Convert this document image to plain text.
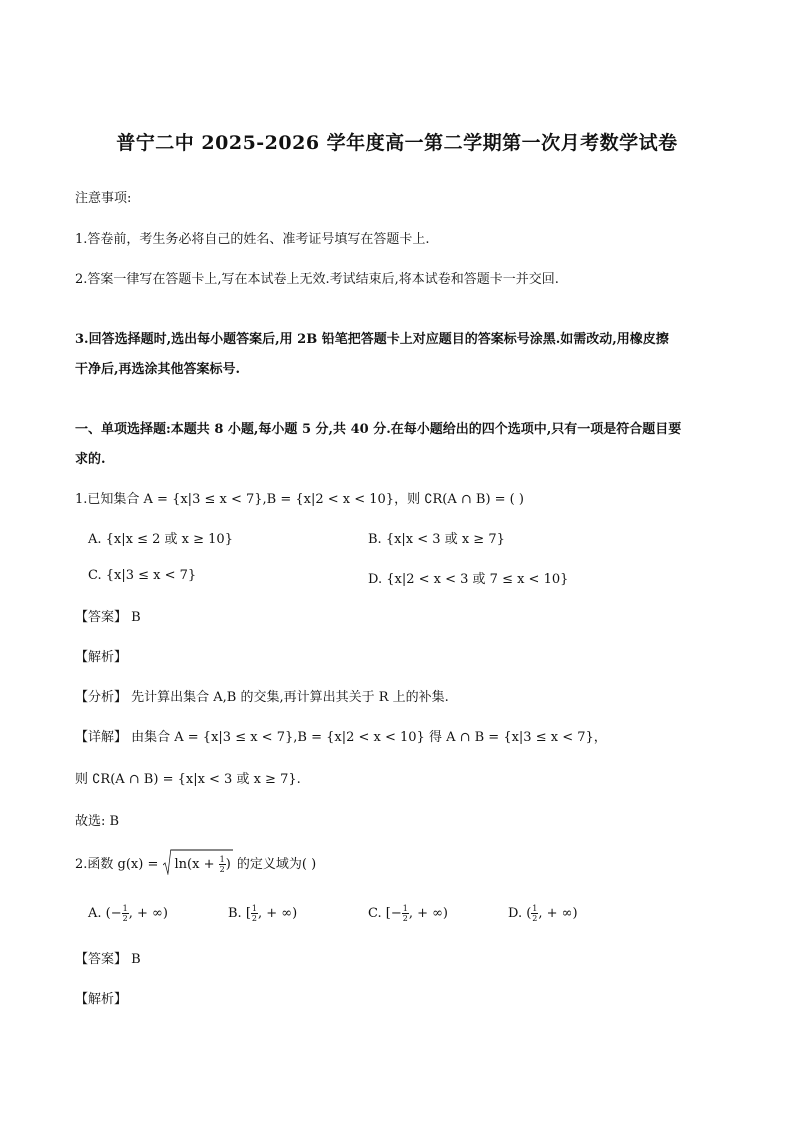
普宁二中 2025-2026 学年度高一第二学期第一次月考数学试卷
注意事项:
1.答卷前，考生务必将自己的姓名、准考证号填写在答题卡上.
2.答案一律写在答题卡上,写在本试卷上无效.考试结束后,将本试卷和答题卡一并交回.
3.回答选择题时,选出每小题答案后,用 2B 铅笔把答题卡上对应题目的答案标号涂黑.如需改动,用橡皮擦
干净后,再选涂其他答案标号.
一、单项选择题:本题共 8 小题,每小题 5 分,共 40 分.在每小题给出的四个选项中,只有一项是符合题目要
求的.
1.已知集合 A = {x|3 ≤ x < 7},B = {x|2 < x < 10}，则 ∁R(A ∩ B) = ( )
A. {x|x ≤ 2 或 x ≥ 10}	B. {x|x < 3 或 x ≥ 7}
C. {x|3 ≤ x < 7}	D. {x|2 < x < 3 或 7 ≤ x < 10}
【答案】 B
【解析】
【分析】 先计算出集合 A,B 的交集,再计算出其关于 R 上的补集.
【详解】 由集合 A = {x|3 ≤ x < 7},B = {x|2 < x < 10} 得 A ∩ B = {x|3 ≤ x < 7}，
则 ∁R(A ∩ B) = {x|x < 3 或 x ≥ 7}.
故选: B
2.函数 $g(x) = \ln(x + \frac{1}{2}$ ) 的定义域为( )
A. (− $\frac{1}{2}$ , + ∞)	B. [ $\frac{1}{2}$ , + ∞)	C. [− $\frac{1}{2}$ , + ∞)	D. ( $\frac{1}{2}$ , + ∞)
【答案】 B
【解析】
